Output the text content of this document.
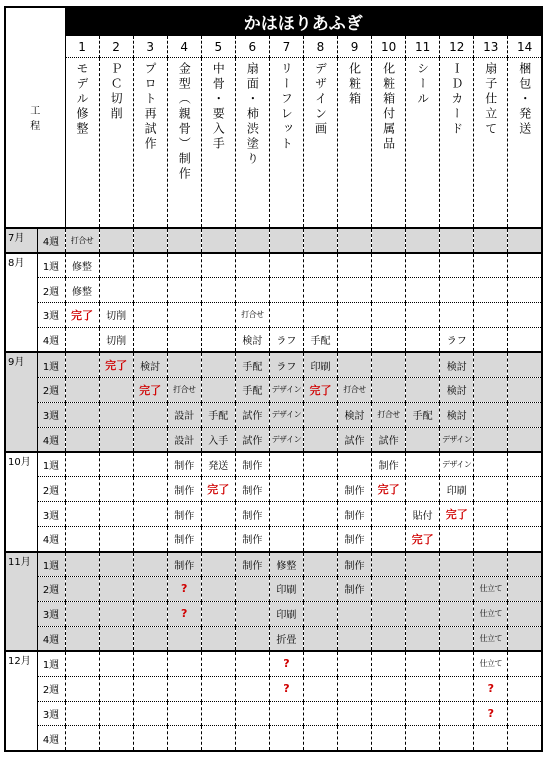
工
程		かはほりあふぎ													
		1	2	3	4	5	6	7	8	9	10	11	12	13	14

		モデル修整	ＰＣ切削	プロト再試作	金型（親骨）制作	中骨・要入手	扇面・柿渋塗り	リーフレット	デザイン画	化粧箱	化粧箱付属品	シール	ＩＤカード	扇子仕立て	梱包・発送

7月	4週	打合せ													
8月	1週	修整													
	2週	修整													
	3週	完了	切削				打合せ								
	4週		切削				検討	ラフ	手配				ラフ		
9月	1週		完了	検討			手配	ラフ	印刷				検討		
	2週			完了	打合せ		手配	デザイン	完了	打合せ			検討		
	3週				設計	手配	試作	デザイン		検討	打合せ	手配	検討		
	4週				設計	入手	試作	デザイン		試作	試作		デザイン		
10月	1週				制作	発送	制作				制作		デザイン		
	2週				制作	完了	制作			制作	完了		印刷		
	3週				制作		制作			制作		貼付	完了		
	4週				制作		制作			制作		完了			
11月	1週				制作		制作	修整		制作					
	2週				?			印刷		制作				仕立て	
	3週				?			印刷						仕立て	
	4週							折畳						仕立て	
12月	1週							?						仕立て	
	2週							?						?	
	3週													?	
	4週														
